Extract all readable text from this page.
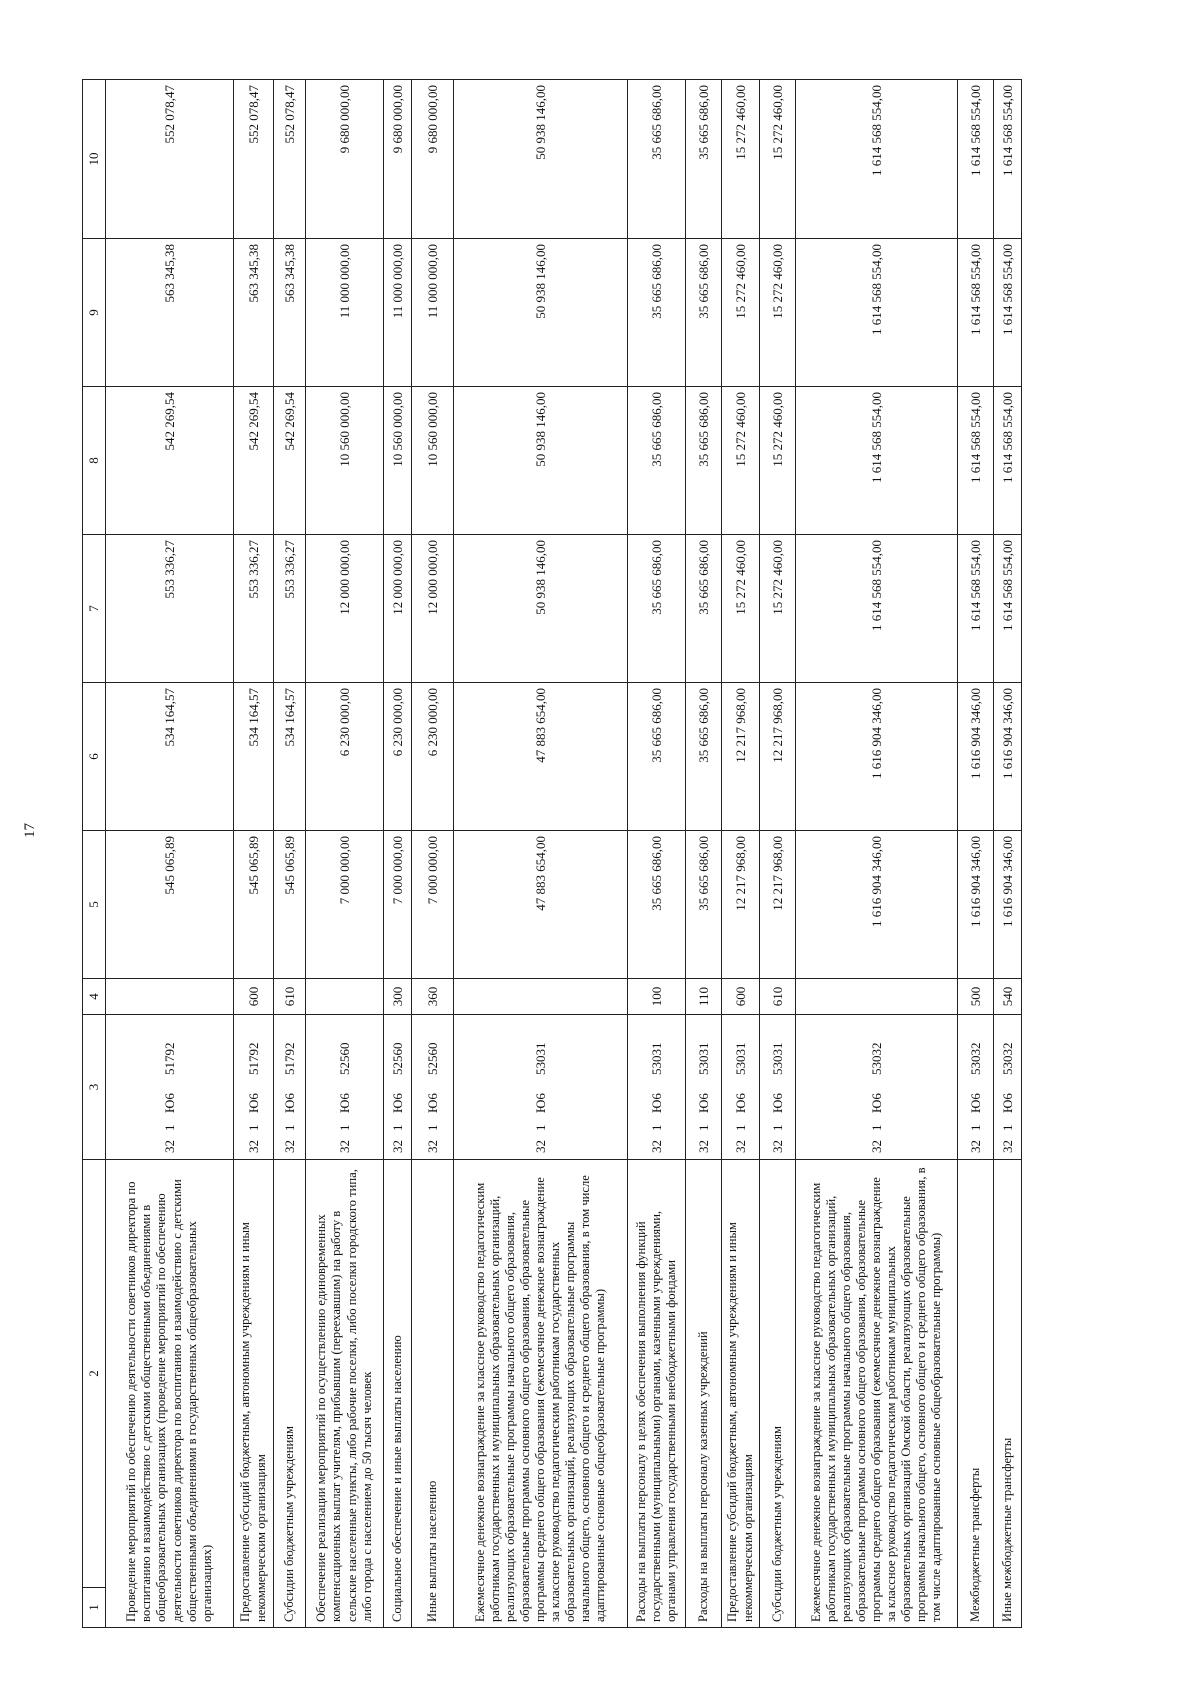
17
1	2	3	4	5	6	7	8	9	10
Проведение мероприятий по обеспечению деятельности советников директора по воспитанию и взаимодействию с детскими общественными объединениями в общеобразовательных организациях (проведение мероприятий по обеспечению деятельности советников директора по воспитанию и взаимодействию с детскими общественными объединениями в государственных общеобразовательных организациях)		321Ю651792		545 065,89	534 164,57	553 336,27	542 269,54	563 345,38	552 078,47
Предоставление субсидий бюджетным, автономным учреждениям и иным некоммерческим организациям		321Ю651792	600	545 065,89	534 164,57	553 336,27	542 269,54	563 345,38	552 078,47
Субсидии бюджетным учреждениям		321Ю651792	610	545 065,89	534 164,57	553 336,27	542 269,54	563 345,38	552 078,47
Обеспечение реализации мероприятий по осуществлению единовременных компенсационных выплат учителям, прибывшим (переехавшим) на работу в сельские населенные пункты, либо рабочие поселки, либо поселки городского типа, либо города с населением до 50 тысяч человек		321Ю652560		7 000 000,00	6 230 000,00	12 000 000,00	10 560 000,00	11 000 000,00	9 680 000,00
Социальное обеспечение и иные выплаты населению		321Ю652560	300	7 000 000,00	6 230 000,00	12 000 000,00	10 560 000,00	11 000 000,00	9 680 000,00
Иные выплаты населению		321Ю652560	360	7 000 000,00	6 230 000,00	12 000 000,00	10 560 000,00	11 000 000,00	9 680 000,00
Ежемесячное денежное вознаграждение за классное руководство педагогическим работникам государственных и муниципальных образовательных организаций, реализующих образовательные программы начального общего образования, образовательные программы основного общего образования, образовательные программы среднего общего образования (ежемесячное денежное вознаграждение за классное руководство педагогическим работникам государственных образовательных организаций, реализующих образовательные программы начального общего, основного общего и среднего общего образования, в том числе адаптированные основные общеобразовательные программы)		321Ю653031		47 883 654,00	47 883 654,00	50 938 146,00	50 938 146,00	50 938 146,00	50 938 146,00
Расходы на выплаты персоналу в целях обеспечения выполнения функций государственными (муниципальными) органами, казенными учреждениями, органами управления государственными внебюджетными фондами		321Ю653031	100	35 665 686,00	35 665 686,00	35 665 686,00	35 665 686,00	35 665 686,00	35 665 686,00
Расходы на выплаты персоналу казенных учреждений		321Ю653031	110	35 665 686,00	35 665 686,00	35 665 686,00	35 665 686,00	35 665 686,00	35 665 686,00
Предоставление субсидий бюджетным, автономным учреждениям и иным некоммерческим организациям		321Ю653031	600	12 217 968,00	12 217 968,00	15 272 460,00	15 272 460,00	15 272 460,00	15 272 460,00
Субсидии бюджетным учреждениям		321Ю653031	610	12 217 968,00	12 217 968,00	15 272 460,00	15 272 460,00	15 272 460,00	15 272 460,00
Ежемесячное денежное вознаграждение за классное руководство педагогическим работникам государственных и муниципальных образовательных организаций, реализующих образовательные программы начального общего образования, образовательные программы основного общего образования, образовательные программы среднего общего образования (ежемесячное денежное вознаграждение за классное руководство педагогическим работникам муниципальных образовательных организаций Омской области, реализующих образовательные программы начального общего, основного общего и среднего общего образования, в том числе адаптированные основные общеобразовательные программы)		321Ю653032		1 616 904 346,00	1 616 904 346,00	1 614 568 554,00	1 614 568 554,00	1 614 568 554,00	1 614 568 554,00
Межбюджетные трансферты		321Ю653032	500	1 616 904 346,00	1 616 904 346,00	1 614 568 554,00	1 614 568 554,00	1 614 568 554,00	1 614 568 554,00
Иные межбюджетные трансферты		321Ю653032	540	1 616 904 346,00	1 616 904 346,00	1 614 568 554,00	1 614 568 554,00	1 614 568 554,00	1 614 568 554,00
